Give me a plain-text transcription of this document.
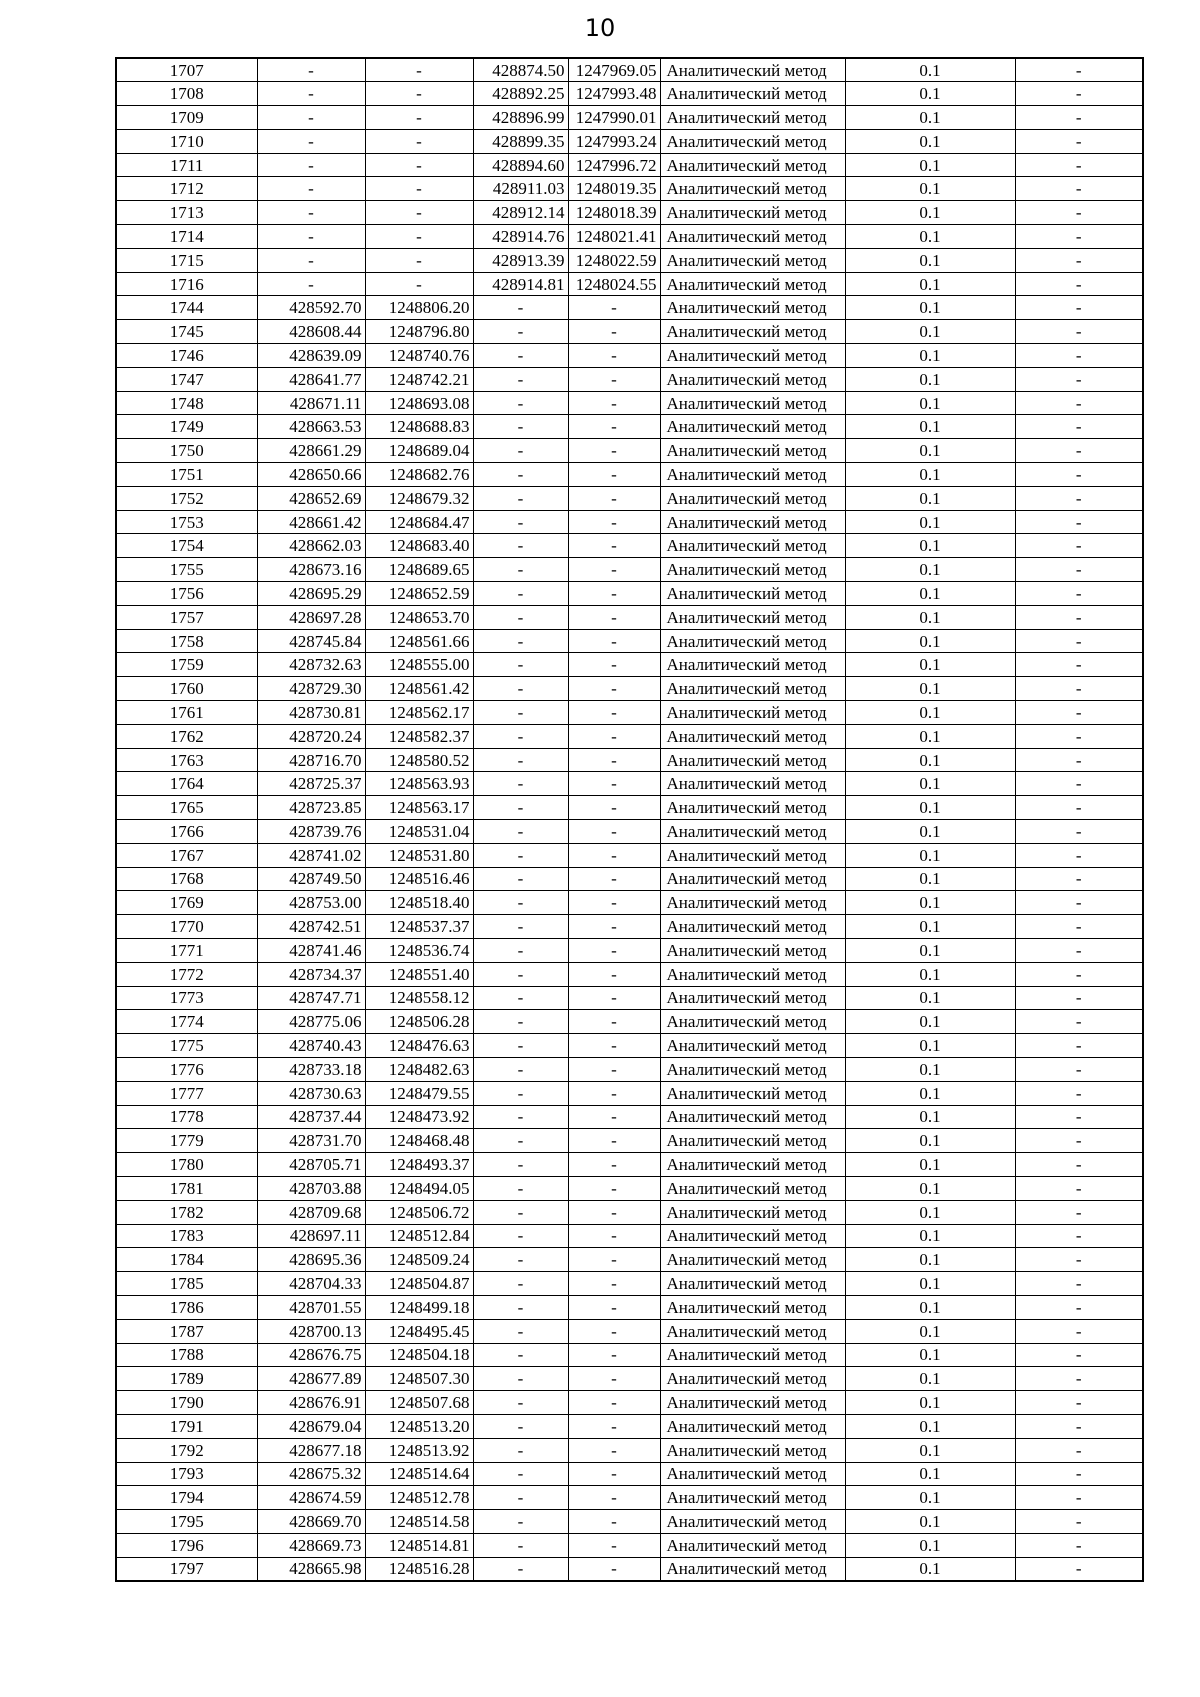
10
1707	-	-	428874.50	1247969.05	Аналитический метод	0.1	-
1708	-	-	428892.25	1247993.48	Аналитический метод	0.1	-
1709	-	-	428896.99	1247990.01	Аналитический метод	0.1	-
1710	-	-	428899.35	1247993.24	Аналитический метод	0.1	-
1711	-	-	428894.60	1247996.72	Аналитический метод	0.1	-
1712	-	-	428911.03	1248019.35	Аналитический метод	0.1	-
1713	-	-	428912.14	1248018.39	Аналитический метод	0.1	-
1714	-	-	428914.76	1248021.41	Аналитический метод	0.1	-
1715	-	-	428913.39	1248022.59	Аналитический метод	0.1	-
1716	-	-	428914.81	1248024.55	Аналитический метод	0.1	-
1744	428592.70	1248806.20	-	-	Аналитический метод	0.1	-
1745	428608.44	1248796.80	-	-	Аналитический метод	0.1	-
1746	428639.09	1248740.76	-	-	Аналитический метод	0.1	-
1747	428641.77	1248742.21	-	-	Аналитический метод	0.1	-
1748	428671.11	1248693.08	-	-	Аналитический метод	0.1	-
1749	428663.53	1248688.83	-	-	Аналитический метод	0.1	-
1750	428661.29	1248689.04	-	-	Аналитический метод	0.1	-
1751	428650.66	1248682.76	-	-	Аналитический метод	0.1	-
1752	428652.69	1248679.32	-	-	Аналитический метод	0.1	-
1753	428661.42	1248684.47	-	-	Аналитический метод	0.1	-
1754	428662.03	1248683.40	-	-	Аналитический метод	0.1	-
1755	428673.16	1248689.65	-	-	Аналитический метод	0.1	-
1756	428695.29	1248652.59	-	-	Аналитический метод	0.1	-
1757	428697.28	1248653.70	-	-	Аналитический метод	0.1	-
1758	428745.84	1248561.66	-	-	Аналитический метод	0.1	-
1759	428732.63	1248555.00	-	-	Аналитический метод	0.1	-
1760	428729.30	1248561.42	-	-	Аналитический метод	0.1	-
1761	428730.81	1248562.17	-	-	Аналитический метод	0.1	-
1762	428720.24	1248582.37	-	-	Аналитический метод	0.1	-
1763	428716.70	1248580.52	-	-	Аналитический метод	0.1	-
1764	428725.37	1248563.93	-	-	Аналитический метод	0.1	-
1765	428723.85	1248563.17	-	-	Аналитический метод	0.1	-
1766	428739.76	1248531.04	-	-	Аналитический метод	0.1	-
1767	428741.02	1248531.80	-	-	Аналитический метод	0.1	-
1768	428749.50	1248516.46	-	-	Аналитический метод	0.1	-
1769	428753.00	1248518.40	-	-	Аналитический метод	0.1	-
1770	428742.51	1248537.37	-	-	Аналитический метод	0.1	-
1771	428741.46	1248536.74	-	-	Аналитический метод	0.1	-
1772	428734.37	1248551.40	-	-	Аналитический метод	0.1	-
1773	428747.71	1248558.12	-	-	Аналитический метод	0.1	-
1774	428775.06	1248506.28	-	-	Аналитический метод	0.1	-
1775	428740.43	1248476.63	-	-	Аналитический метод	0.1	-
1776	428733.18	1248482.63	-	-	Аналитический метод	0.1	-
1777	428730.63	1248479.55	-	-	Аналитический метод	0.1	-
1778	428737.44	1248473.92	-	-	Аналитический метод	0.1	-
1779	428731.70	1248468.48	-	-	Аналитический метод	0.1	-
1780	428705.71	1248493.37	-	-	Аналитический метод	0.1	-
1781	428703.88	1248494.05	-	-	Аналитический метод	0.1	-
1782	428709.68	1248506.72	-	-	Аналитический метод	0.1	-
1783	428697.11	1248512.84	-	-	Аналитический метод	0.1	-
1784	428695.36	1248509.24	-	-	Аналитический метод	0.1	-
1785	428704.33	1248504.87	-	-	Аналитический метод	0.1	-
1786	428701.55	1248499.18	-	-	Аналитический метод	0.1	-
1787	428700.13	1248495.45	-	-	Аналитический метод	0.1	-
1788	428676.75	1248504.18	-	-	Аналитический метод	0.1	-
1789	428677.89	1248507.30	-	-	Аналитический метод	0.1	-
1790	428676.91	1248507.68	-	-	Аналитический метод	0.1	-
1791	428679.04	1248513.20	-	-	Аналитический метод	0.1	-
1792	428677.18	1248513.92	-	-	Аналитический метод	0.1	-
1793	428675.32	1248514.64	-	-	Аналитический метод	0.1	-
1794	428674.59	1248512.78	-	-	Аналитический метод	0.1	-
1795	428669.70	1248514.58	-	-	Аналитический метод	0.1	-
1796	428669.73	1248514.81	-	-	Аналитический метод	0.1	-
1797	428665.98	1248516.28	-	-	Аналитический метод	0.1	-
